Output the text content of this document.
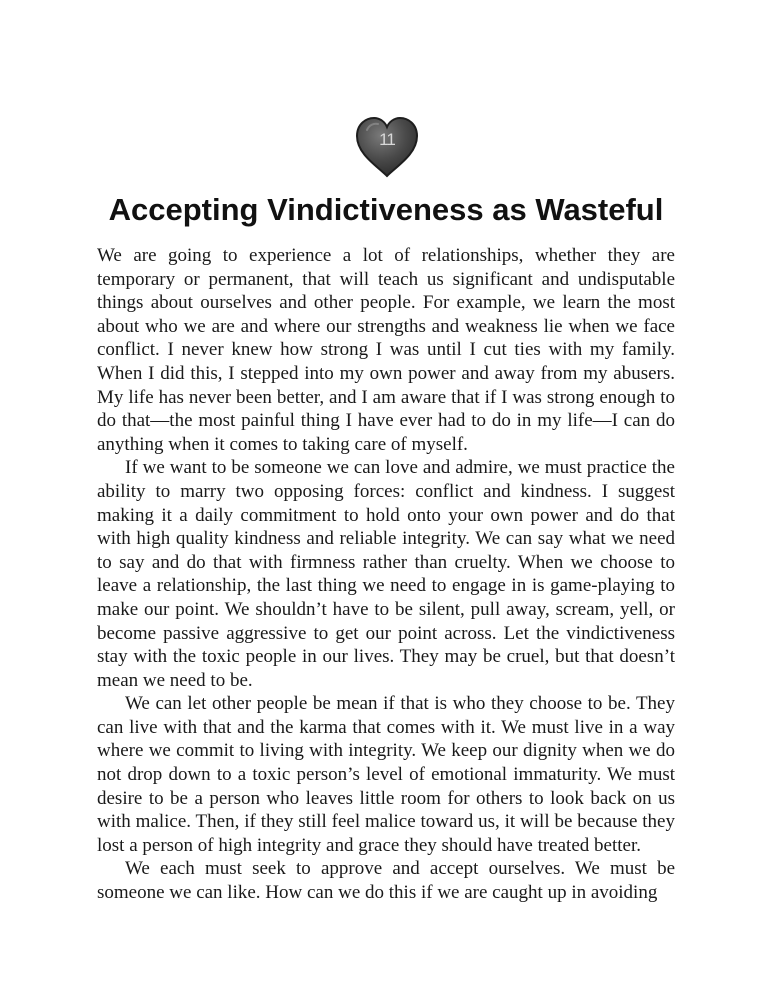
11
Accepting Vindictiveness as Wasteful

We are going to experience a lot of relationships, whether they are temporary or permanent, that will teach us significant and undisputable things about ourselves and other people. For example, we learn the most about who we are and where our strengths and weakness lie when we face conflict. I never knew how strong I was until I cut ties with my family. When I did this, I stepped into my own power and away from my abusers. My life has never been better, and I am aware that if I was strong enough to do that—the most painful thing I have ever had to do in my life—I can do anything when it comes to taking care of myself.

If we want to be someone we can love and admire, we must practice the ability to marry two opposing forces: conflict and kindness. I suggest making it a daily commitment to hold onto your own power and do that with high quality kindness and reliable integrity. We can say what we need to say and do that with firmness rather than cruelty. When we choose to leave a relationship, the last thing we need to engage in is game-playing to make our point. We shouldn’t have to be silent, pull away, scream, yell, or become passive aggressive to get our point across. Let the vindictiveness stay with the toxic people in our lives. They may be cruel, but that doesn’t mean we need to be.

We can let other people be mean if that is who they choose to be. They can live with that and the karma that comes with it. We must live in a way where we commit to living with integrity. We keep our dignity when we do not drop down to a toxic person’s level of emotional immaturity. We must desire to be a person who leaves little room for others to look back on us with malice. Then, if they still feel malice toward us, it will be because they lost a person of high integrity and grace they should have treated better.

We each must seek to approve and accept ourselves. We must be someone we can like. How can we do this if we are caught up in avoiding
